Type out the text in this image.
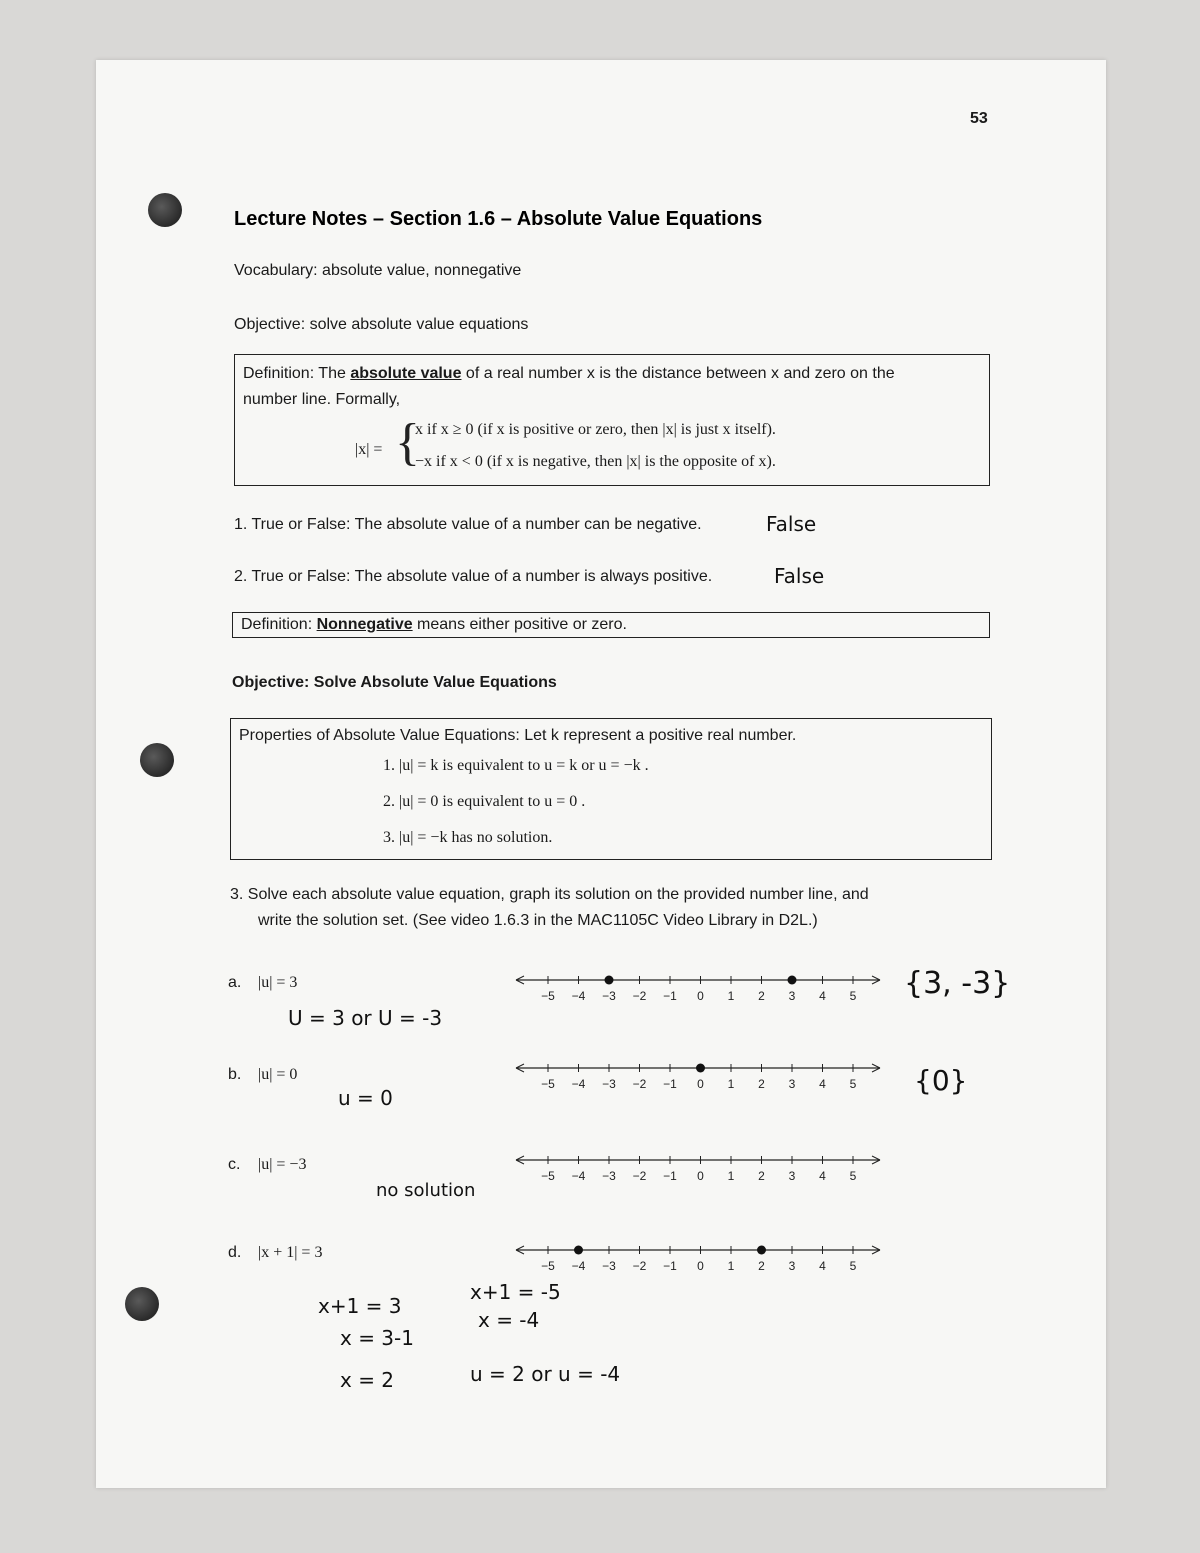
53
Lecture Notes – Section 1.6 – Absolute Value Equations
Vocabulary: absolute value, nonnegative
Objective: solve absolute value equations
Definition: The absolute value of a real number x is the distance between x and zero on the
number line. Formally,
|x| = {
x if x ≥ 0 (if x is positive or zero, then |x| is just x itself).
−x if x < 0 (if x is negative, then |x| is the opposite of x).
1. True or False: The absolute value of a number can be negative.	False
2. True or False: The absolute value of a number is always positive.	False
Definition: Nonnegative means either positive or zero.
Objective: Solve Absolute Value Equations
Properties of Absolute Value Equations: Let k represent a positive real number.
1. |u| = k is equivalent to u = k or u = −k .
2. |u| = 0 is equivalent to u = 0 .
3. |u| = −k has no solution.
3. Solve each absolute value equation, graph its solution on the provided number line, and
write the solution set. (See video 1.6.3 in the MAC1105C Video Library in D2L.)
a. |u| = 3
U = 3 or U = -3
{3, -3}
b. |u| = 0
u = 0
{0}
c. |u| = −3
no solution
d. |x + 1| = 3
x+1 = 3
x = 3-1
x = 2
x+1 = -5
x = -4
u = 2 or u = -4
−5 −4 −3 −2 −1 0 1 2 3 4 5
−5 −4 −3 −2 −1 0 1 2 3 4 5
−5 −4 −3 −2 −1 0 1 2 3 4 5
−5 −4 −3 −2 −1 0 1 2 3 4 5
